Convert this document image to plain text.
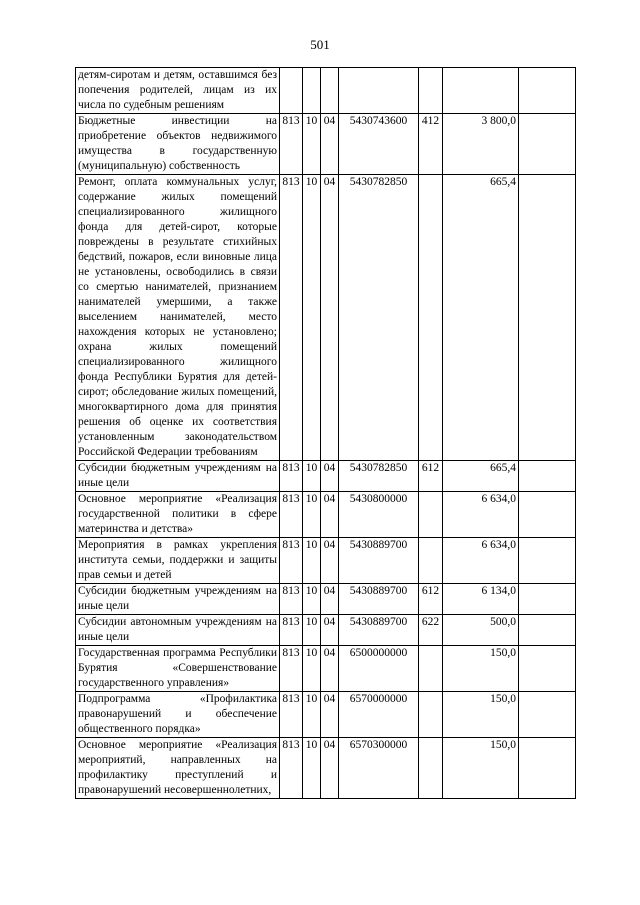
501
детям-сиротам и детям, оставшимся без попечения родителей, лицам из их числа по судебным решениям							
Бюджетные инвестиции на приобретение объектов недвижимого имущества в государственную (муниципальную) собственность	813	10	04	5430743600	412	3 800,0	
Ремонт, оплата коммунальных услуг, содержание жилых помещений специализированного жилищного фонда для детей-сирот, которые повреждены в результате стихийных бедствий, пожаров, если виновные лица не установлены, освободились в связи со смертью нанимателей, признанием нанимателей умершими, а также выселением нанимателей, место нахождения которых не установлено; охрана жилых помещений специализированного жилищного фонда Республики Бурятия для детей-сирот; обследование жилых помещений, многоквартирного дома для принятия решения об оценке их соответствия установленным законодательством Российской Федерации требованиям	813	10	04	5430782850		665,4	
Субсидии бюджетным учреждениям на иные цели	813	10	04	5430782850	612	665,4	
Основное мероприятие «Реализация государственной политики в сфере материнства и детства»	813	10	04	5430800000		6 634,0	
Мероприятия в рамках укрепления института семьи, поддержки и защиты прав семьи и детей	813	10	04	5430889700		6 634,0	
Субсидии бюджетным учреждениям на иные цели	813	10	04	5430889700	612	6 134,0	
Субсидии автономным учреждениям на иные цели	813	10	04	5430889700	622	500,0	
Государственная программа Республики Бурятия «Совершенствование государственного управления»	813	10	04	6500000000		150,0	
Подпрограмма «Профилактика правонарушений и обеспечение общественного порядка»	813	10	04	6570000000		150,0	
Основное мероприятие «Реализация мероприятий, направленных на профилактику преступлений и правонарушений несовершеннолетних,	813	10	04	6570300000		150,0	
